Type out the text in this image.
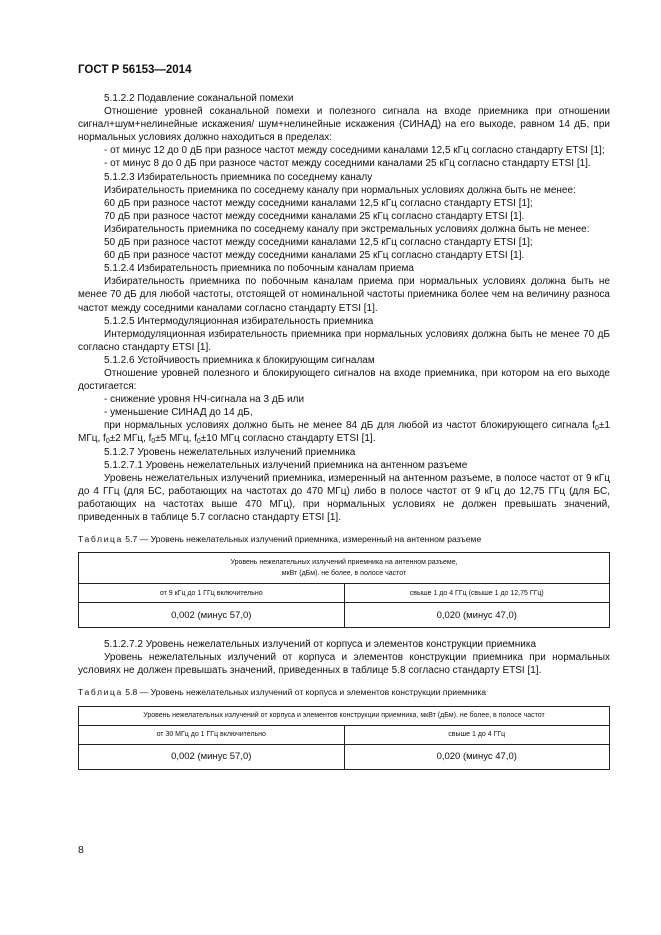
ГОСТ Р 56153—2014

5.1.2.2 Подавление соканальной помехи

Отношение уровней соканальной помехи и полезного сигнала на входе приемника при отношении сигнал+шум+нелинейные искажения/ шум+нелинейные искажения (СИНАД) на его выходе, равном 14 дБ, при нормальных условиях должно находиться в пределах:

- от минус 12 до 0 дБ при разносе частот между соседними каналами 12,5 кГц согласно стандарту ETSI [1];

- от минус 8 до 0 дБ при разносе частот между соседними каналами 25 кГц согласно стандарту ETSI [1].

5.1.2.3 Избирательность приемника по соседнему каналу

Избирательность приемника по соседнему каналу при нормальных условиях должна быть не менее:

60 дБ при разносе частот между соседними каналами 12,5 кГц согласно стандарту ETSI [1];

70 дБ при разносе частот между соседними каналами 25 кГц согласно стандарту ETSI [1].

Избирательность приемника по соседнему каналу при экстремальных условиях должна быть не менее:

50 дБ при разносе частот между соседними каналами 12,5 кГц согласно стандарту ETSI [1];

60 дБ при разносе частот между соседними каналами 25 кГц согласно стандарту ETSI [1].

5.1.2.4 Избирательность приемника по побочным каналам приема

Избирательность приемника по побочным каналам приема при нормальных условиях должна быть не менее 70 дБ для любой частоты, отстоящей от номинальной частоты приемника более чем на величину разноса частот между соседними каналами согласно стандарту ETSI [1].

5.1.2.5 Интермодуляционная избирательность приемника

Интермодуляционная избирательность приемника при нормальных условиях должна быть не менее 70 дБ согласно стандарту ETSI [1].

5.1.2.6 Устойчивость приемника к блокирующим сигналам

Отношение уровней полезного и блокирующего сигналов на входе приемника, при котором на его выходе достигается:

- снижение уровня НЧ-сигнала на 3 дБ или

- уменьшение СИНАД до 14 дБ,

при нормальных условиях должно быть не менее 84 дБ для любой из частот блокирующего сигнала $f_0\pm 1$ МГц, $f_0\pm 2$ МГц, $f_0\pm 5$ МГц, $f_0\pm 10$ МГц согласно стандарту ETSI [1].

5.1.2.7 Уровень нежелательных излучений приемника

5.1.2.7.1 Уровень нежелательных излучений приемника на антенном разъеме

Уровень нежелательных излучений приемника, измеренный на антенном разъеме, в полосе частот от 9 кГц до 4 ГГц (для БС, работающих на частотах до 470 МГц) либо в полосе частот от 9 кГц до 12,75 ГГц (для БС, работающих на частотах выше 470 МГц), при нормальных условиях не должен превышать значений, приведенных в таблице 5.7 согласно стандарту ETSI [1].

Таблица 5.7 — Уровень нежелательных излучений приемника, измеренный на антенном разъеме
Уровень нежелательных излучений приемника на антенном разъеме,
мкВт (дБм). не более, в полосе частот	
от 9 кГц до 1 ГГц включительно	свыше 1 до 4 ГГц (свыше 1 до 12,75 ГГц)
0,002 (минус 57,0)	0,020 (минус 47,0)

5.1.2.7.2 Уровень нежелательных излучений от корпуса и элементов конструкции приемника

Уровень нежелательных излучений от корпуса и элементов конструкции приемника при нормальных условиях не должен превышать значений, приведенных в таблице 5.8 согласно стандарту ETSI [1].

Таблица 5.8 — Уровень нежелательных излучений от корпуса и элементов конструкции приемника
Уровень нежелательных излучений от корпуса и элементов конструкции приемника, мкВт (дБм). не более, в полосе частот	
от 30 МГц до 1 ГГц включительно	свыше 1 до 4 ГГц
0,002 (минус 57,0)	0,020 (минус 47,0)
8
